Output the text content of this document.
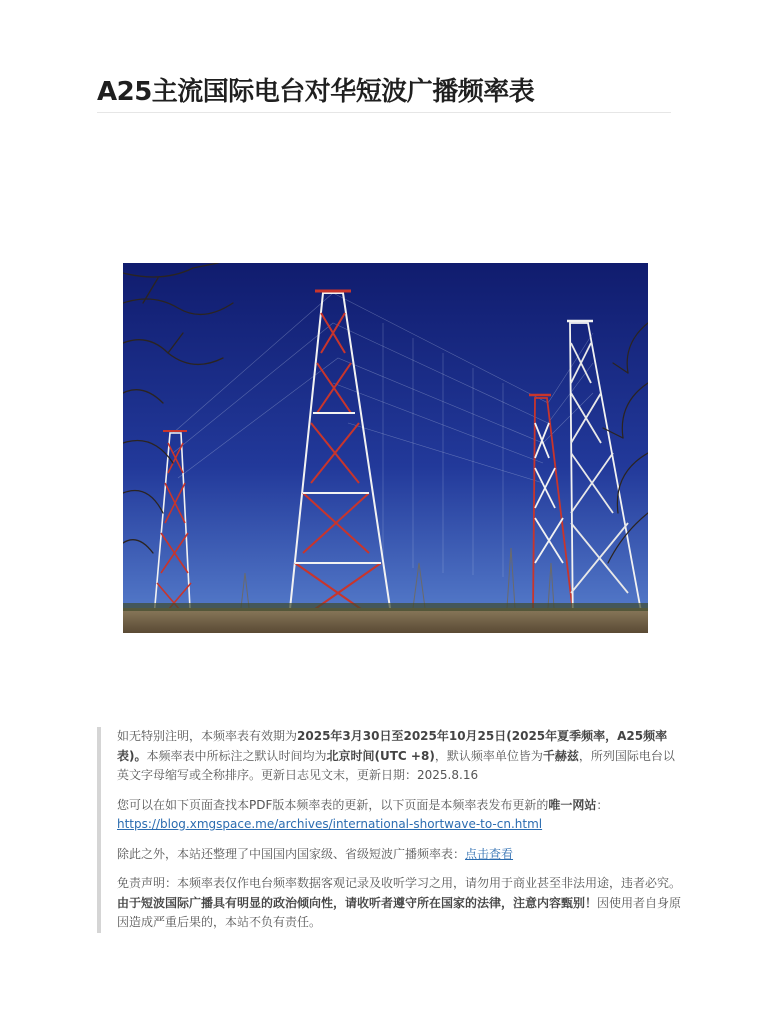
A25主流国际电台对华短波广播频率表

如无特别注明，本频率表有效期为2025年3月30日至2025年10月25日(2025年夏季频率，A25频率表)。本频率表中所标注之默认时间均为北京时间(UTC +8)，默认频率单位皆为千赫兹，所列国际电台以英文字母缩写或全称排序。更新日志见文末，更新日期：2025.8.16

您可以在如下页面查找本PDF版本频率表的更新，以下页面是本频率表发布更新的唯一网站：
https://blog.xmgspace.me/archives/international-shortwave-to-cn.html

除此之外，本站还整理了中国国内国家级、省级短波广播频率表：点击查看

免责声明：本频率表仅作电台频率数据客观记录及收听学习之用，请勿用于商业甚至非法用途，违者必究。由于短波国际广播具有明显的政治倾向性，请收听者遵守所在国家的法律，注意内容甄别！因使用者自身原因造成严重后果的，本站不负有责任。
